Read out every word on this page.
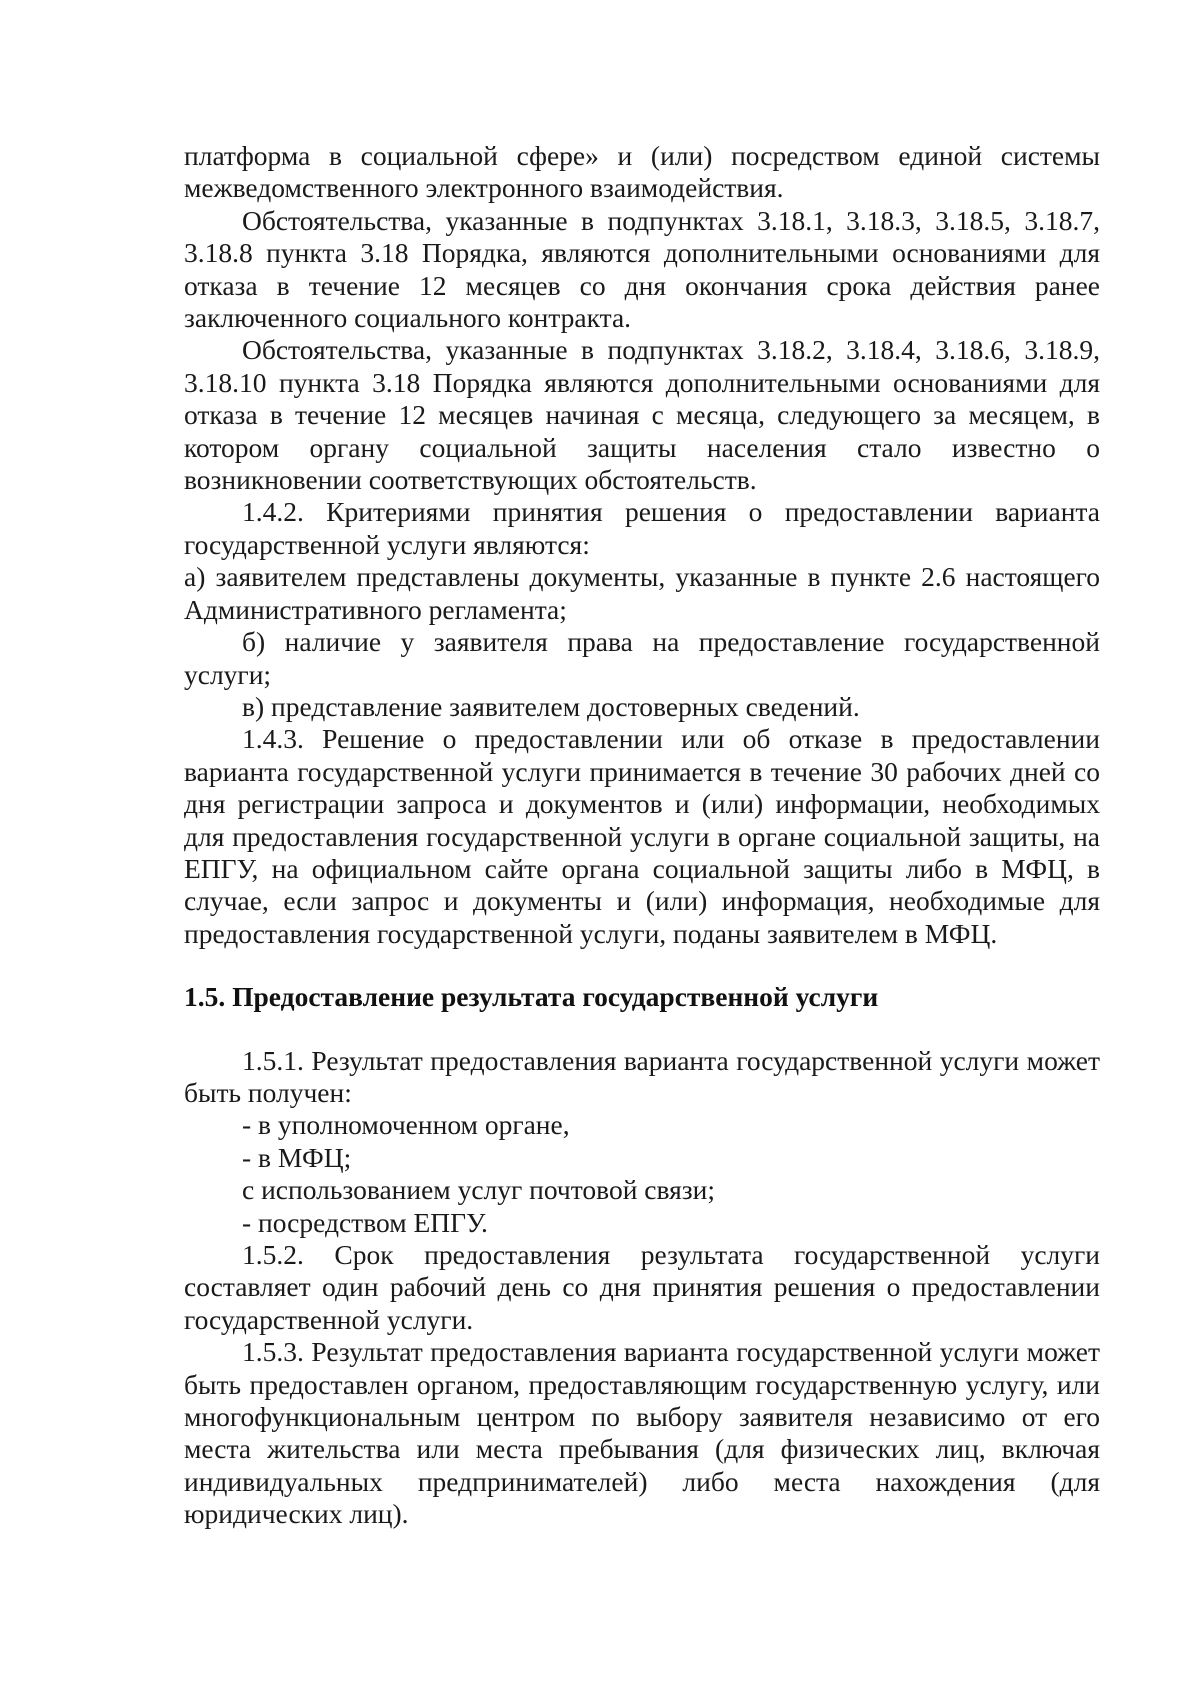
платформа в социальной сфере» и (или) посредством единой системы межведомственного электронного взаимодействия.

Обстоятельства, указанные в подпунктах 3.18.1, 3.18.3, 3.18.5, 3.18.7, 3.18.8 пункта 3.18 Порядка, являются дополнительными основаниями для отказа в течение 12 месяцев со дня окончания срока действия ранее заключенного социального контракта.

Обстоятельства, указанные в подпунктах 3.18.2, 3.18.4, 3.18.6, 3.18.9, 3.18.10 пункта 3.18 Порядка являются дополнительными основаниями для отказа в течение 12 месяцев начиная с месяца, следующего за месяцем, в котором органу социальной защиты населения стало известно о возникновении соответствующих обстоятельств.

1.4.2. Критериями принятия решения о предоставлении варианта государственной услуги являются:

а) заявителем представлены документы, указанные в пункте 2.6 настоящего Административного регламента;

б) наличие у заявителя права на предоставление государственной услуги;

в) представление заявителем достоверных сведений.

1.4.3. Решение о предоставлении или об отказе в предоставлении варианта государственной услуги принимается в течение 30 рабочих дней со дня регистрации запроса и документов и (или) информации, необходимых для предоставления государственной услуги в органе социальной защиты, на ЕПГУ, на официальном сайте органа социальной защиты либо в МФЦ, в случае, если запрос и документы и (или) информация, необходимые для предоставления государственной услуги, поданы заявителем в МФЦ.

1.5. Предоставление результата государственной услуги

1.5.1. Результат предоставления варианта государственной услуги может быть получен:

- в уполномоченном органе,

- в МФЦ;

с использованием услуг почтовой связи;

- посредством ЕПГУ.

1.5.2. Срок предоставления результата государственной услуги составляет один рабочий день со дня принятия решения о предоставлении государственной услуги.

1.5.3. Результат предоставления варианта государственной услуги может быть предоставлен органом, предоставляющим государственную услугу, или многофункциональным центром по выбору заявителя независимо от его места жительства или места пребывания (для физических лиц, включая индивидуальных предпринимателей) либо места нахождения (для юридических лиц).
